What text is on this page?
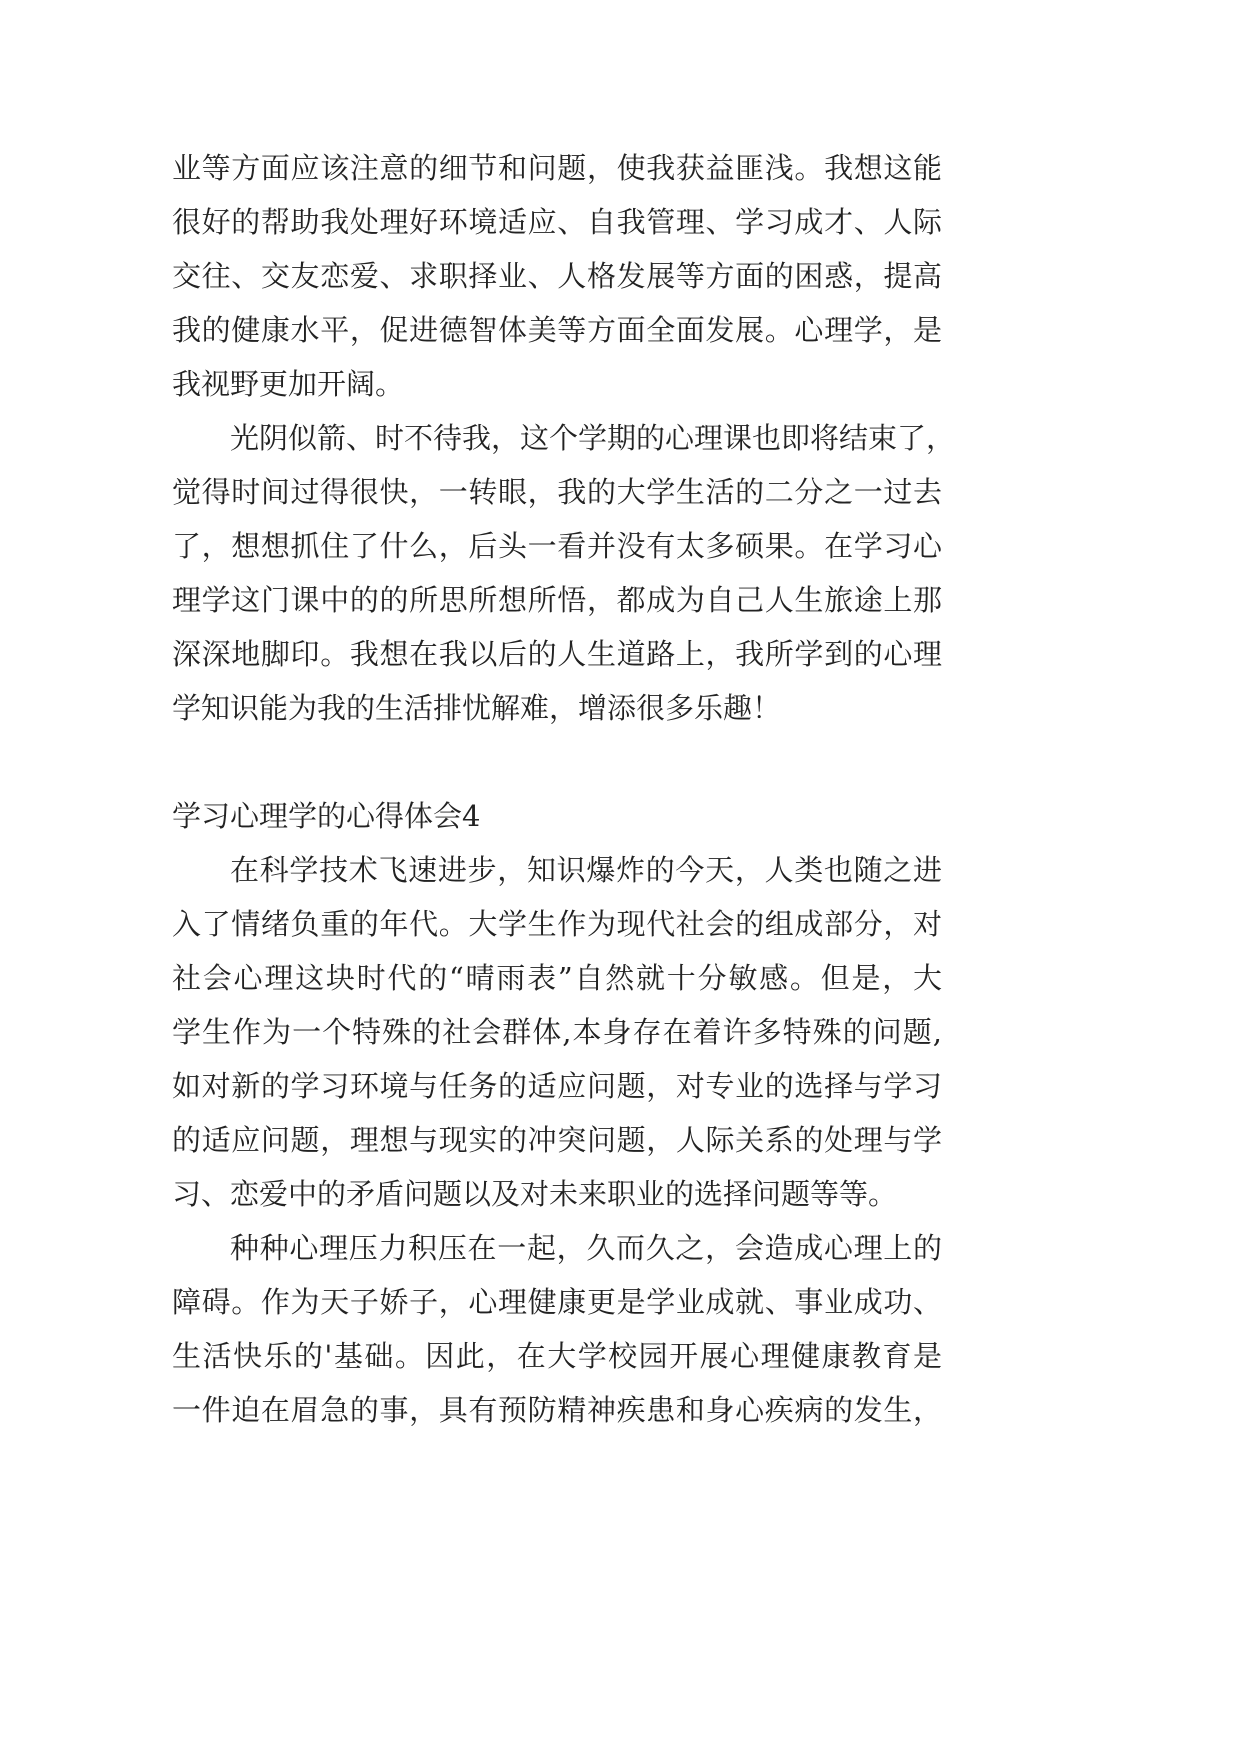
业等方面应该注意的细节和问题，使我获益匪浅。我想这能
很好的帮助我处理好环境适应、自我管理、学习成才、人际
交往、交友恋爱、求职择业、人格发展等方面的困惑，提高
我的健康水平，促进德智体美等方面全面发展。心理学，是
我视野更加开阔。
光阴似箭、时不待我，这个学期的心理课也即将结束了，
觉得时间过得很快，一转眼，我的大学生活的二分之一过去
了，想想抓住了什么，后头一看并没有太多硕果。在学习心
理学这门课中的的所思所想所悟，都成为自己人生旅途上那
深深地脚印。我想在我以后的人生道路上，我所学到的心理
学知识能为我的生活排忧解难，增添很多乐趣！
学习心理学的心得体会4
在科学技术飞速进步，知识爆炸的今天，人类也随之进
入了情绪负重的年代。大学生作为现代社会的组成部分，对
社会心理这块时代的“晴雨表”自然就十分敏感。但是，大
学生作为一个特殊的社会群体,本身存在着许多特殊的问题,
如对新的学习环境与任务的适应问题，对专业的选择与学习
的适应问题，理想与现实的冲突问题，人际关系的处理与学
习、恋爱中的矛盾问题以及对未来职业的选择问题等等。
种种心理压力积压在一起，久而久之，会造成心理上的
障碍。作为天子娇子，心理健康更是学业成就、事业成功、
生活快乐的'基础。因此，在大学校园开展心理健康教育是
一件迫在眉急的事，具有预防精神疾患和身心疾病的发生，
